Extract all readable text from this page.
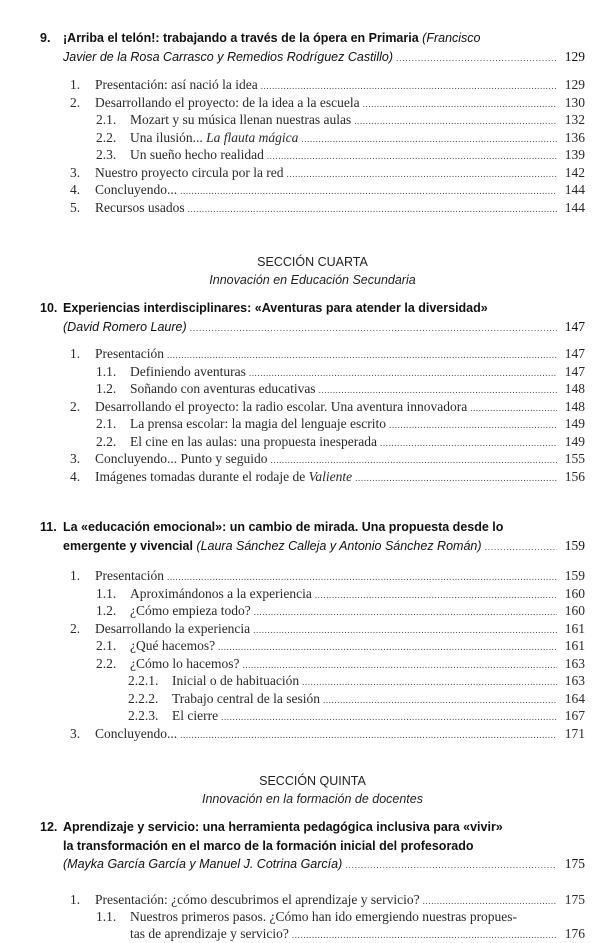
9. ¡Arriba el telón!: trabajando a través de la ópera en Primaria (Francisco
Javier de la Rosa Carrasco y Remedios Rodríguez Castillo) .....	129
1. Presentación: así nació la idea .....	129
2. Desarrollando el proyecto: de la idea a la escuela .....	130
2.1. Mozart y su música llenan nuestras aulas .....	132
2.2. Una ilusión... La flauta mágica .....	136
2.3. Un sueño hecho realidad .....	139
3. Nuestro proyecto circula por la red .....	142
4. Concluyendo... .....	144
5. Recursos usados .....	144
SECCIÓN CUARTA
Innovación en Educación Secundaria
10. Experiencias interdisciplinares: «Aventuras para atender la diversidad»
(David Romero Laure) .....	147
1. Presentación .....	147
1.1. Definiendo aventuras .....	147
1.2. Soñando con aventuras educativas .....	148
2. Desarrollando el proyecto: la radio escolar. Una aventura innovadora .....	148
2.1. La prensa escolar: la magia del lenguaje escrito .....	149
2.2. El cine en las aulas: una propuesta inesperada .....	149
3. Concluyendo... Punto y seguido .....	155
4. Imágenes tomadas durante el rodaje de Valiente .....	156
11. La «educación emocional»: un cambio de mirada. Una propuesta desde lo
emergente y vivencial (Laura Sánchez Calleja y Antonio Sánchez Román) .....	159
1. Presentación .....	159
1.1. Aproximándonos a la experiencia .....	160
1.2. ¿Cómo empieza todo? .....	160
2. Desarrollando la experiencia .....	161
2.1. ¿Qué hacemos? .....	161
2.2. ¿Cómo lo hacemos? .....	163
2.2.1. Inicial o de habituación .....	163
2.2.2. Trabajo central de la sesión .....	164
2.2.3. El cierre .....	167
3. Concluyendo... .....	171
SECCIÓN QUINTA
Innovación en la formación de docentes
12. Aprendizaje y servicio: una herramienta pedagógica inclusiva para «vivir»
la transformación en el marco de la formación inicial del profesorado
(Mayka García García y Manuel J. Cotrina García) .....	175
1. Presentación: ¿cómo descubrimos el aprendizaje y servicio? .....	175
1.1. Nuestros primeros pasos. ¿Cómo han ido emergiendo nuestras propues-
tas de aprendizaje y servicio? .....	176
